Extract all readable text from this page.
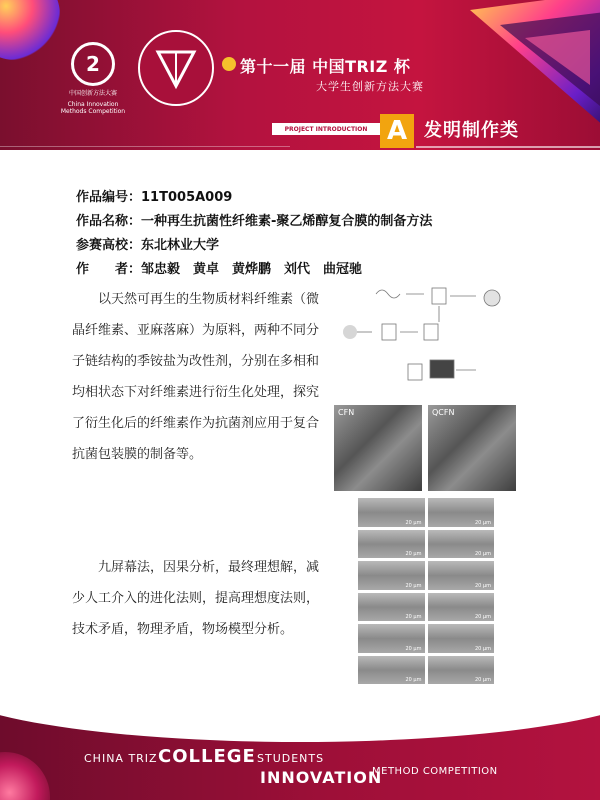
2
中国创新方法大赛
China Innovation Methods Competition
第十一届 中国TRIZ 杯
大学生创新方法大赛
PROJECT INTRODUCTION A 发明制作类
作品编号：11T005A009
作品名称：一种再生抗菌性纤维素-聚乙烯醇复合膜的制备方法
参赛高校：东北林业大学
作　　者：邹忠毅　黄卓　黄烨鹏　刘代　曲冠驰
以天然可再生的生物质材料纤维素（微晶纤维素、亚麻落麻）为原料，两种不同分子链结构的季铵盐为改性剂，分别在多相和均相状态下对纤维素进行衍生化处理，探究了衍生化后的纤维素作为抗菌剂应用于复合抗菌包装膜的制备等。
九屏幕法，因果分析，最终理想解，减少人工介入的进化法则，提高理想度法则，技术矛盾，物理矛盾，物场模型分析。
CFN	QCFN
20 μm	20 μm
20 μm	20 μm
20 μm	20 μm
20 μm	20 μm
20 μm	20 μm
20 μm	20 μm
CHINA TRIZ COLLEGE STUDENTS
INNOVATION
METHOD COMPETITION
